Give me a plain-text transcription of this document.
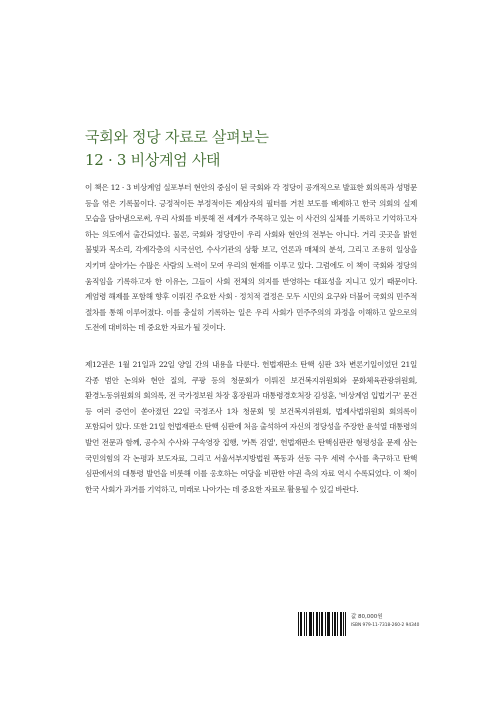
국회와 정당 자료로 살펴보는
12 · 3 비상계엄 사태

이 책은 12 · 3 비상계엄 실포부터 현안의 중심이 된 국회와 각 정당이 공개적으로 발표한 회의록과 성명문 등을 엮은 기록물이다. 긍정적이든 부정적이든 제삼자의 필터를 거친 보도를 배제하고 한국 의회의 실제 모습을 담아냄으로써, 우리 사회를 비롯해 전 세계가 주목하고 있는 이 사건의 실체를 기록하고 기억하고자 하는 의도에서 출간되었다. 물론, 국회와 정당만이 우리 사회와 현안의 전부는 아니다. 거리 곳곳을 밝힌 불빛과 목소리, 각계각층의 시국선언, 수사기관의 상황 보고, 언론과 매체의 분석, 그리고 조용히 일상을 지키며 살아가는 수많은 사람의 노력이 모여 우리의 현재를 이루고 있다. 그럼에도 이 책이 국회와 정당의 움직임을 기록하고자 한 이유는, 그들이 사회 전체의 의지를 반영하는 대표성을 지니고 있기 때문이다. 계엄령 해제를 포함해 향후 이뤄진 주요한 사회 · 정치적 결정은 모두 시민의 요구와 더불어 국회의 민주적 절차를 통해 이루어졌다. 이를 충실히 기록하는 일은 우리 사회가 민주주의의 과정을 이해하고 앞으로의 도전에 대비하는 데 중요한 자료가 될 것이다.

제12권은 1월 21일과 22일 양일 간의 내용을 다룬다. 헌법재판소 탄핵 심판 3차 변론기일이었던 21일 각종 범안 논의와 현안 질의, 쿠팡 등의 청문회가 이뤄진 보건복지위원회와 문화체육관광위원회, 환경노동위원회의 회의록, 전 국가정보원 차장 홍장원과 대통령경호처장 김성훈, '비상계엄 입법기구' 문건 등 여러 증언이 쏟아졌던 22일 국정조사 1차 청문회 및 보건복지위원회, 법제사법위원회 회의록이 포함되어 있다. 또한 21일 헌법재판소 탄핵 심판에 처음 출석하여 자신의 정당성을 주장한 윤석열 대통령의 발언 전문과 함께, 공수처 수사와 구속영장 집행, '카톡 검열', 헌법재판소 탄핵심판관 형평성을 문제 삼는 국민의힘의 각 논평과 보도자료, 그리고 서울서부지방법원 폭동과 선동 극우 세력 수사를 촉구하고 탄핵 심판에서의 대통령 발언을 비롯해 이를 옹호하는 여당을 비판한 야권 측의 자료 역시 수록되었다. 이 책이 한국 사회가 과거를 기억하고, 미래로 나아가는 데 중요한 자료로 활용될 수 있길 바란다.

값 80,000원
ISBN 979-11-7318-260-2 94340
